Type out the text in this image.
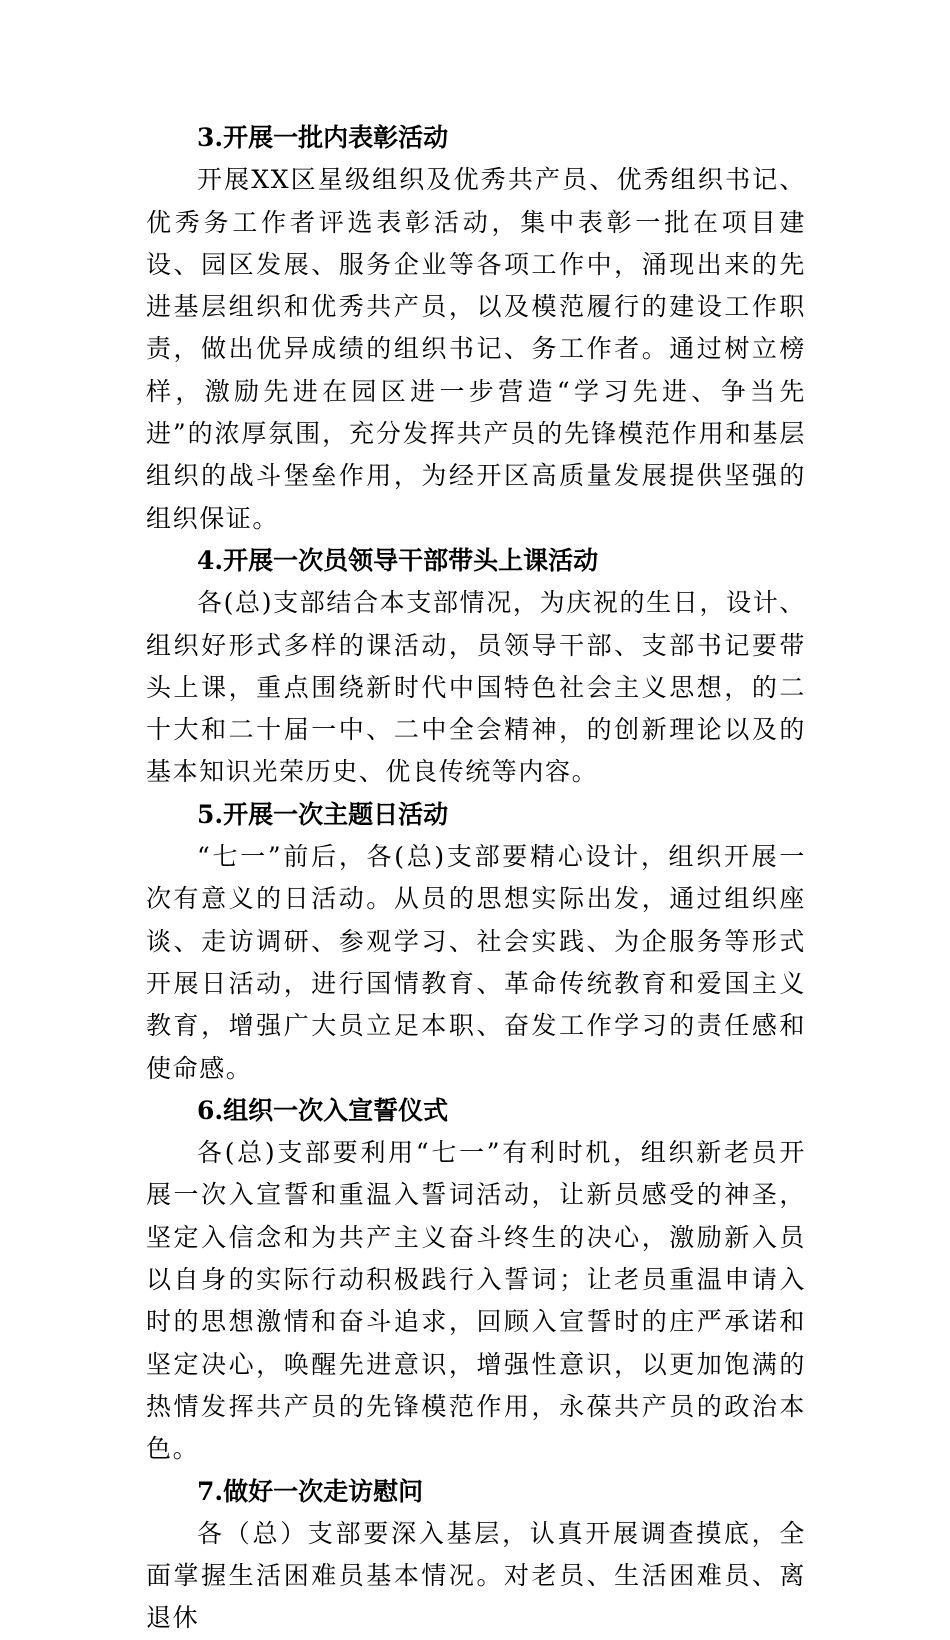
3.开展一批内表彰活动

开展XX区星级组织及优秀共产员、优秀组织书记、优秀务工作者评选表彰活动，集中表彰一批在项目建设、园区发展、服务企业等各项工作中，涌现出来的先进基层组织和优秀共产员，以及模范履行的建设工作职责，做出优异成绩的组织书记、务工作者。通过树立榜样，激励先进在园区进一步营造“学习先进、争当先进”的浓厚氛围，充分发挥共产员的先锋模范作用和基层组织的战斗堡垒作用，为经开区高质量发展提供坚强的组织保证。

4.开展一次员领导干部带头上课活动

各(总)支部结合本支部情况，为庆祝的生日，设计、组织好形式多样的课活动，员领导干部、支部书记要带头上课，重点围绕新时代中国特色社会主义思想，的二十大和二十届一中、二中全会精神，的创新理论以及的基本知识光荣历史、优良传统等内容。

5.开展一次主题日活动

“七一”前后，各(总)支部要精心设计，组织开展一次有意义的日活动。从员的思想实际出发，通过组织座谈、走访调研、参观学习、社会实践、为企服务等形式开展日活动，进行国情教育、革命传统教育和爱国主义教育，增强广大员立足本职、奋发工作学习的责任感和使命感。

6.组织一次入宣誓仪式

各(总)支部要利用“七一”有利时机，组织新老员开展一次入宣誓和重温入誓词活动，让新员感受的神圣，坚定入信念和为共产主义奋斗终生的决心，激励新入员以自身的实际行动积极践行入誓词；让老员重温申请入时的思想激情和奋斗追求，回顾入宣誓时的庄严承诺和坚定决心，唤醒先进意识，增强性意识，以更加饱满的热情发挥共产员的先锋模范作用，永葆共产员的政治本色。

7.做好一次走访慰问

各（总）支部要深入基层，认真开展调查摸底，全面掌握生活困难员基本情况。对老员、生活困难员、离退休
